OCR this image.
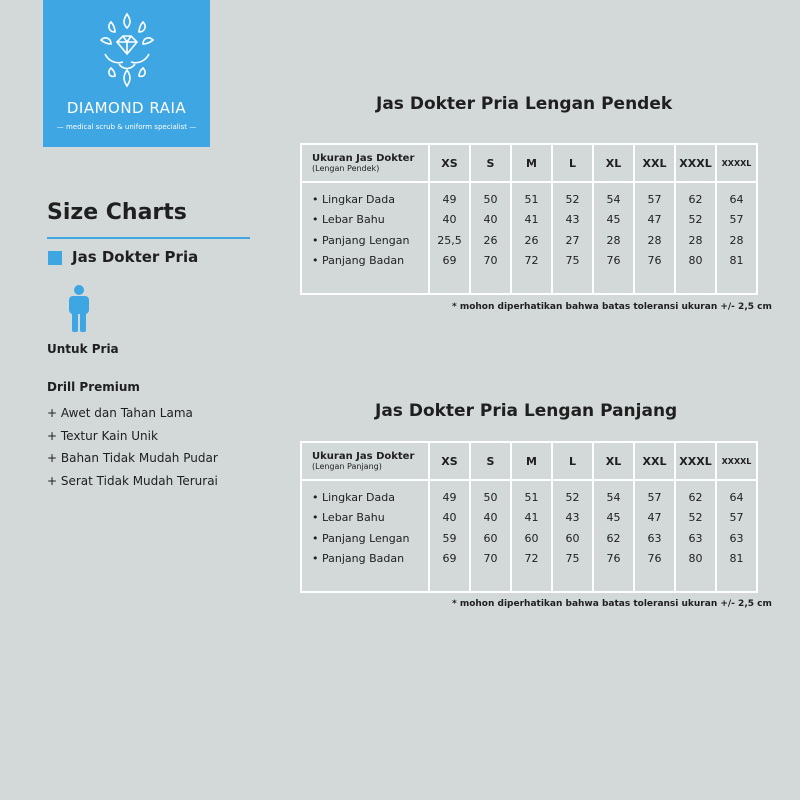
DIAMOND RAIA
— medical scrub & uniform specialist —
Size Charts
Jas Dokter Pria
Untuk Pria
Drill Premium
+ Awet dan Tahan Lama
+ Textur Kain Unik
+ Bahan Tidak Mudah Pudar
+ Serat Tidak Mudah Terurai
Jas Dokter Pria Lengan Pendek
Ukuran Jas Dokter
(Lengan Pendek)	XS	S	M	L	XL	XXL	XXXL	XXXXL
• Lingkar Dada	49	50	51	52	54	57	62	64
• Lebar Bahu	40	40	41	43	45	47	52	57
• Panjang Lengan	25,5	26	26	27	28	28	28	28
• Panjang Badan	69	70	72	75	76	76	80	81

* mohon diperhatikan bahwa batas toleransi ukuran +/- 2,5 cm
Jas Dokter Pria Lengan Panjang
Ukuran Jas Dokter
(Lengan Panjang)	XS	S	M	L	XL	XXL	XXXL	XXXXL
• Lingkar Dada	49	50	51	52	54	57	62	64
• Lebar Bahu	40	40	41	43	45	47	52	57
• Panjang Lengan	59	60	60	60	62	63	63	63
• Panjang Badan	69	70	72	75	76	76	80	81

* mohon diperhatikan bahwa batas toleransi ukuran +/- 2,5 cm
